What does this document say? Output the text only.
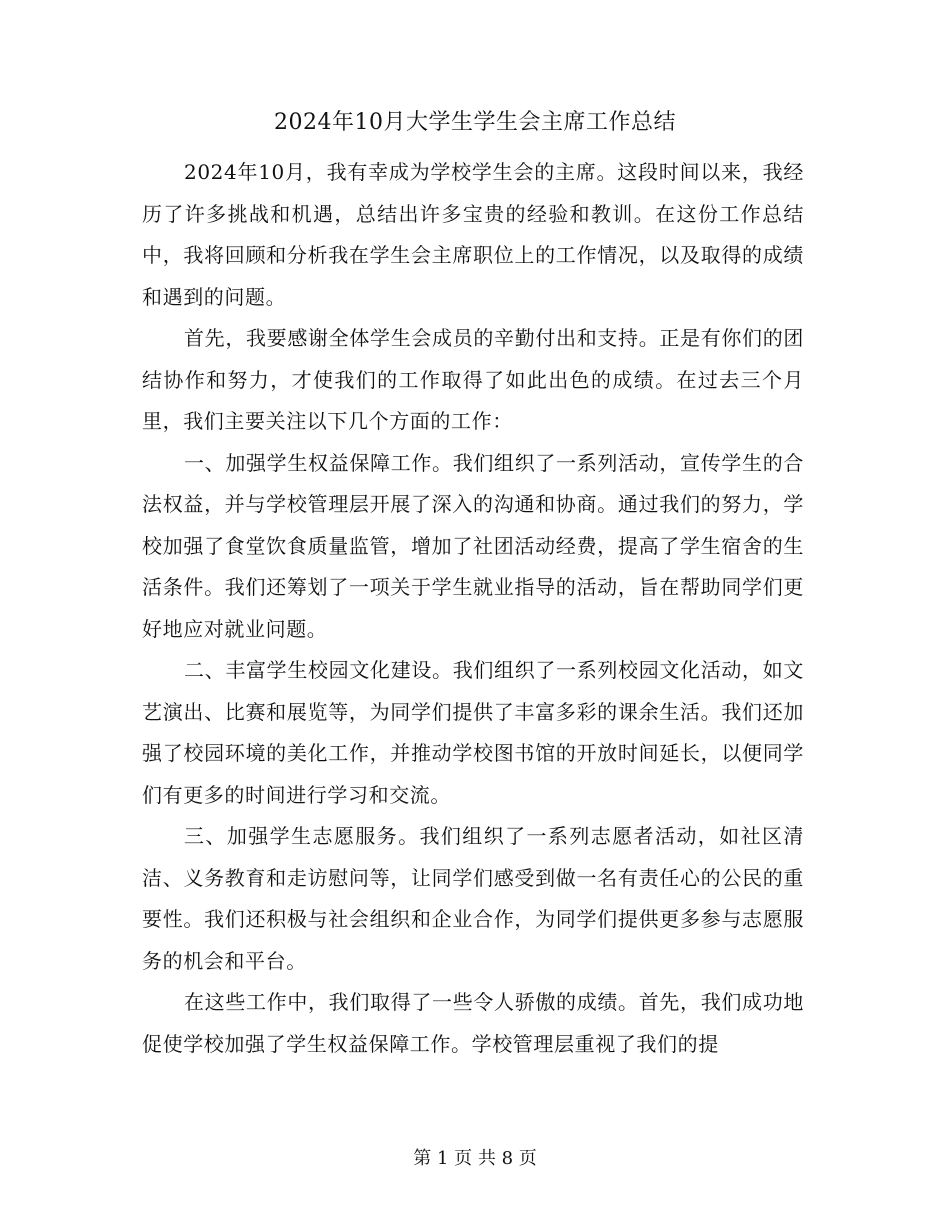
2024年10月大学生学生会主席工作总结

2024年10月，我有幸成为学校学生会的主席。这段时间以来，我经历了许多挑战和机遇，总结出许多宝贵的经验和教训。在这份工作总结中，我将回顾和分析我在学生会主席职位上的工作情况，以及取得的成绩和遇到的问题。

首先，我要感谢全体学生会成员的辛勤付出和支持。正是有你们的团结协作和努力，才使我们的工作取得了如此出色的成绩。在过去三个月里，我们主要关注以下几个方面的工作：

一、加强学生权益保障工作。我们组织了一系列活动，宣传学生的合法权益，并与学校管理层开展了深入的沟通和协商。通过我们的努力，学校加强了食堂饮食质量监管，增加了社团活动经费，提高了学生宿舍的生活条件。我们还筹划了一项关于学生就业指导的活动，旨在帮助同学们更好地应对就业问题。

二、丰富学生校园文化建设。我们组织了一系列校园文化活动，如文艺演出、比赛和展览等，为同学们提供了丰富多彩的课余生活。我们还加强了校园环境的美化工作，并推动学校图书馆的开放时间延长，以便同学们有更多的时间进行学习和交流。

三、加强学生志愿服务。我们组织了一系列志愿者活动，如社区清洁、义务教育和走访慰问等，让同学们感受到做一名有责任心的公民的重要性。我们还积极与社会组织和企业合作，为同学们提供更多参与志愿服务的机会和平台。

在这些工作中，我们取得了一些令人骄傲的成绩。首先，我们成功地促使学校加强了学生权益保障工作。学校管理层重视了我们的提

第 1 页 共 8 页
